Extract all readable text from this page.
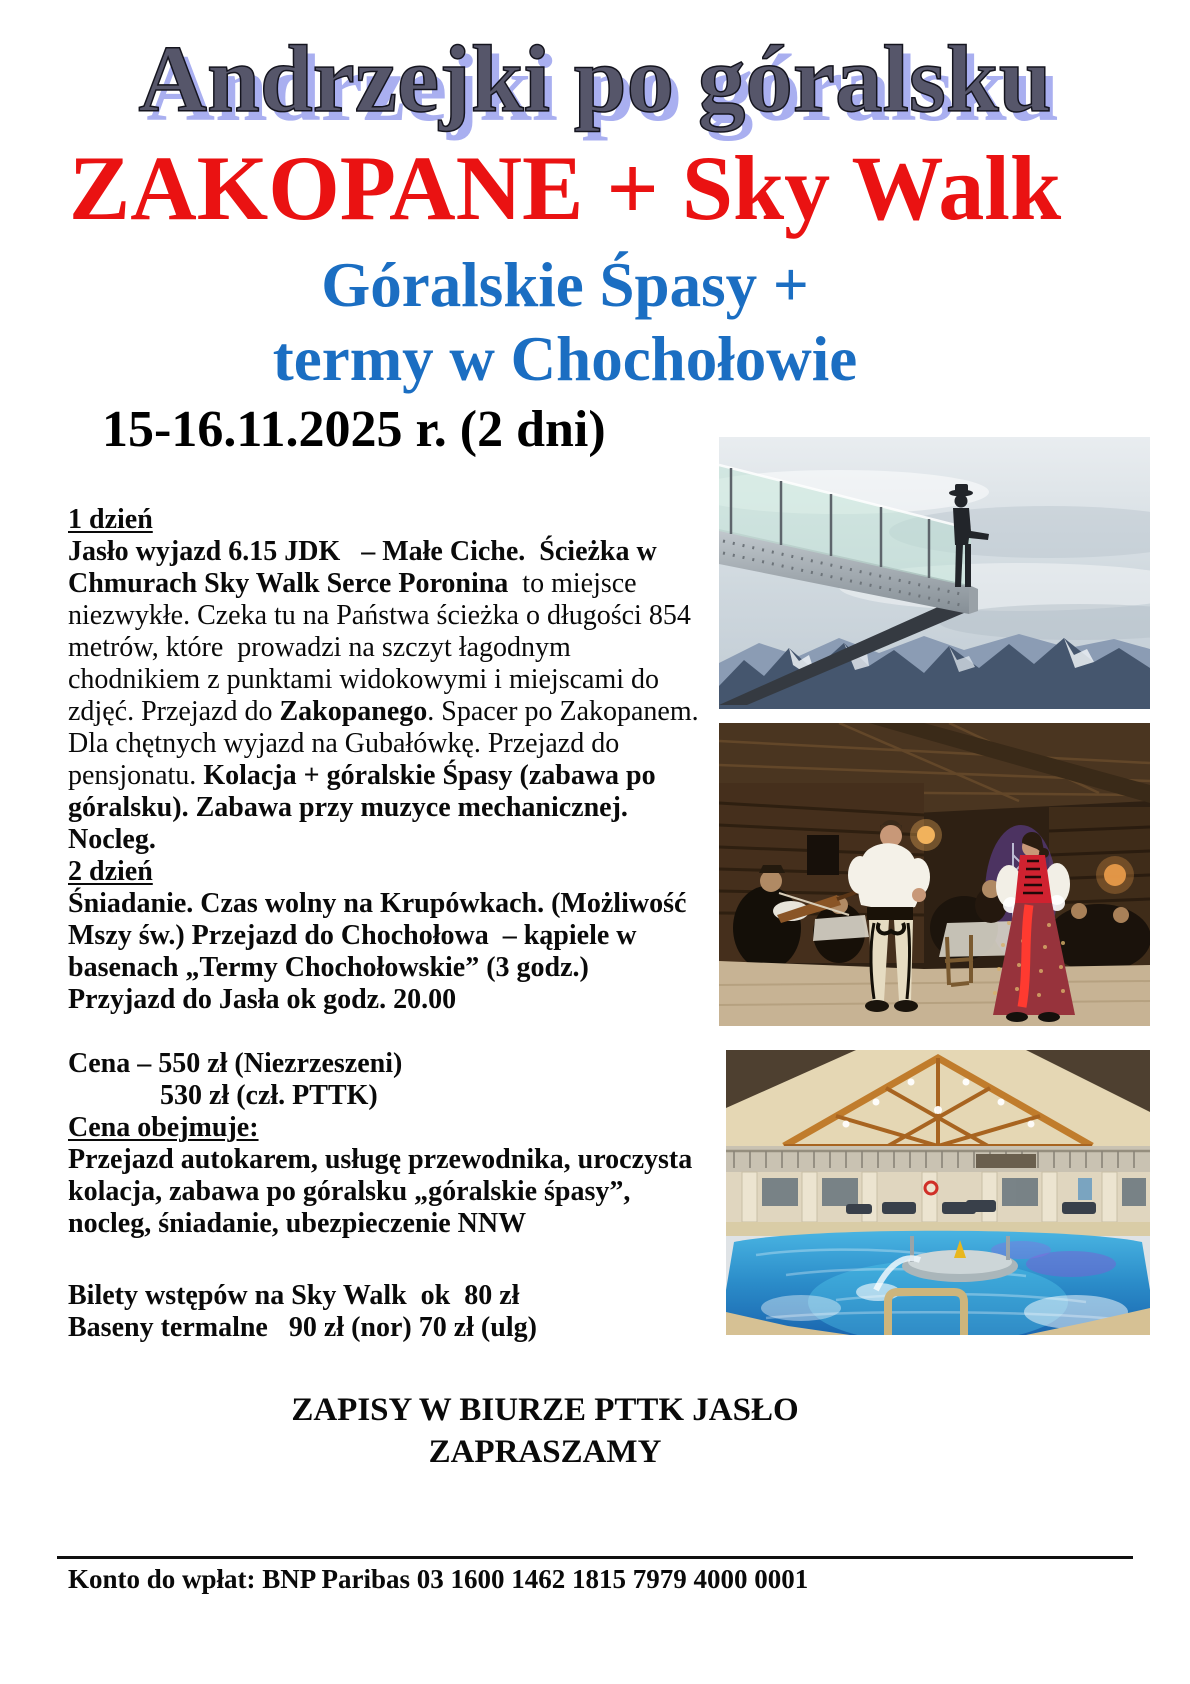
Andrzejki po góralsku
ZAKOPANE + Sky Walk
Góralskie Śpasy +
termy w Chochołowie
15-16.11.2025 r. (2 dni)
1 dzień
Jasło wyjazd 6.15 JDK   – Małe Ciche.  Ścieżka w
Chmurach Sky Walk Serce Poronina  to miejsce
niezwykłe. Czeka tu na Państwa ścieżka o długości 854
metrów, które  prowadzi na szczyt łagodnym
chodnikiem z punktami widokowymi i miejscami do
zdjęć. Przejazd do Zakopanego. Spacer po Zakopanem.
Dla chętnych wyjazd na Gubałówkę. Przejazd do
pensjonatu. Kolacja + góralskie Śpasy (zabawa po
góralsku). Zabawa przy muzyce mechanicznej.
Nocleg.
2 dzień
Śniadanie. Czas wolny na Krupówkach. (Możliwość
Mszy św.) Przejazd do Chochołowa  – kąpiele w
basenach „Termy Chochołowskie” (3 godz.)
Przyjazd do Jasła ok godz. 20.00
Cena – 550 zł (Niezrzeszeni)
530 zł (czł. PTTK)
Cena obejmuje:
Przejazd autokarem, usługę przewodnika, uroczysta
kolacja, zabawa po góralsku „góralskie śpasy”,
nocleg, śniadanie, ubezpieczenie NNW
Bilety wstępów na Sky Walk  ok  80 zł
Baseny termalne   90 zł (nor) 70 zł (ulg)
ZAPISY W BIURZE PTTK JASŁO
ZAPRASZAMY
Konto do wpłat: BNP Paribas 03 1600 1462 1815 7979 4000 0001
